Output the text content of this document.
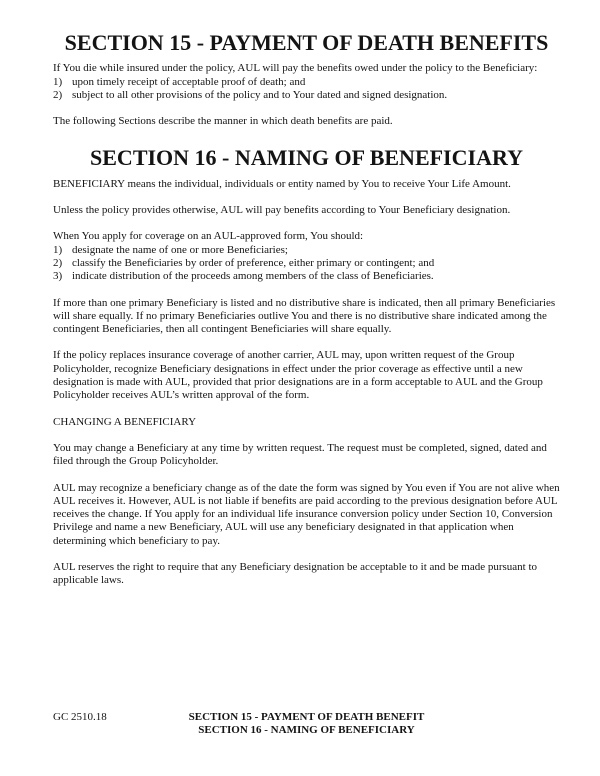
SECTION 15 - PAYMENT OF DEATH BENEFITS

If You die while insured under the policy, AUL will pay the benefits owed under the policy to the Beneficiary:

1) upon timely receipt of acceptable proof of death; and
2) subject to all other provisions of the policy and to Your dated and signed designation.

The following Sections describe the manner in which death benefits are paid.

SECTION 16 - NAMING OF BENEFICIARY

BENEFICIARY means the individual, individuals or entity named by You to receive Your Life Amount.

Unless the policy provides otherwise, AUL will pay benefits according to Your Beneficiary designation.

When You apply for coverage on an AUL-approved form, You should:

1) designate the name of one or more Beneficiaries;
2) classify the Beneficiaries by order of preference, either primary or contingent; and
3) indicate distribution of the proceeds among members of the class of Beneficiaries.

If more than one primary Beneficiary is listed and no distributive share is indicated, then all primary Beneficiaries will share equally. If no primary Beneficiaries outlive You and there is no distributive share indicated among the contingent Beneficiaries, then all contingent Beneficiaries will share equally.

If the policy replaces insurance coverage of another carrier, AUL may, upon written request of the Group Policyholder, recognize Beneficiary designations in effect under the prior coverage as effective until a new designation is made with AUL, provided that prior designations are in a form acceptable to AUL and the Group Policyholder receives AUL’s written approval of the form.

CHANGING A BENEFICIARY

You may change a Beneficiary at any time by written request. The request must be completed, signed, dated and filed through the Group Policyholder.

AUL may recognize a beneficiary change as of the date the form was signed by You even if You are not alive when AUL receives it. However, AUL is not liable if benefits are paid according to the previous designation before AUL receives the change. If You apply for an individual life insurance conversion policy under Section 10, Conversion Privilege and name a new Beneficiary, AUL will use any beneficiary designated in that application when determining which beneficiary to pay.

AUL reserves the right to require that any Beneficiary designation be acceptable to it and be made pursuant to applicable laws.

GC 2510.18	SECTION 15 - PAYMENT OF DEATH BENEFIT
SECTION 16 - NAMING OF BENEFICIARY
